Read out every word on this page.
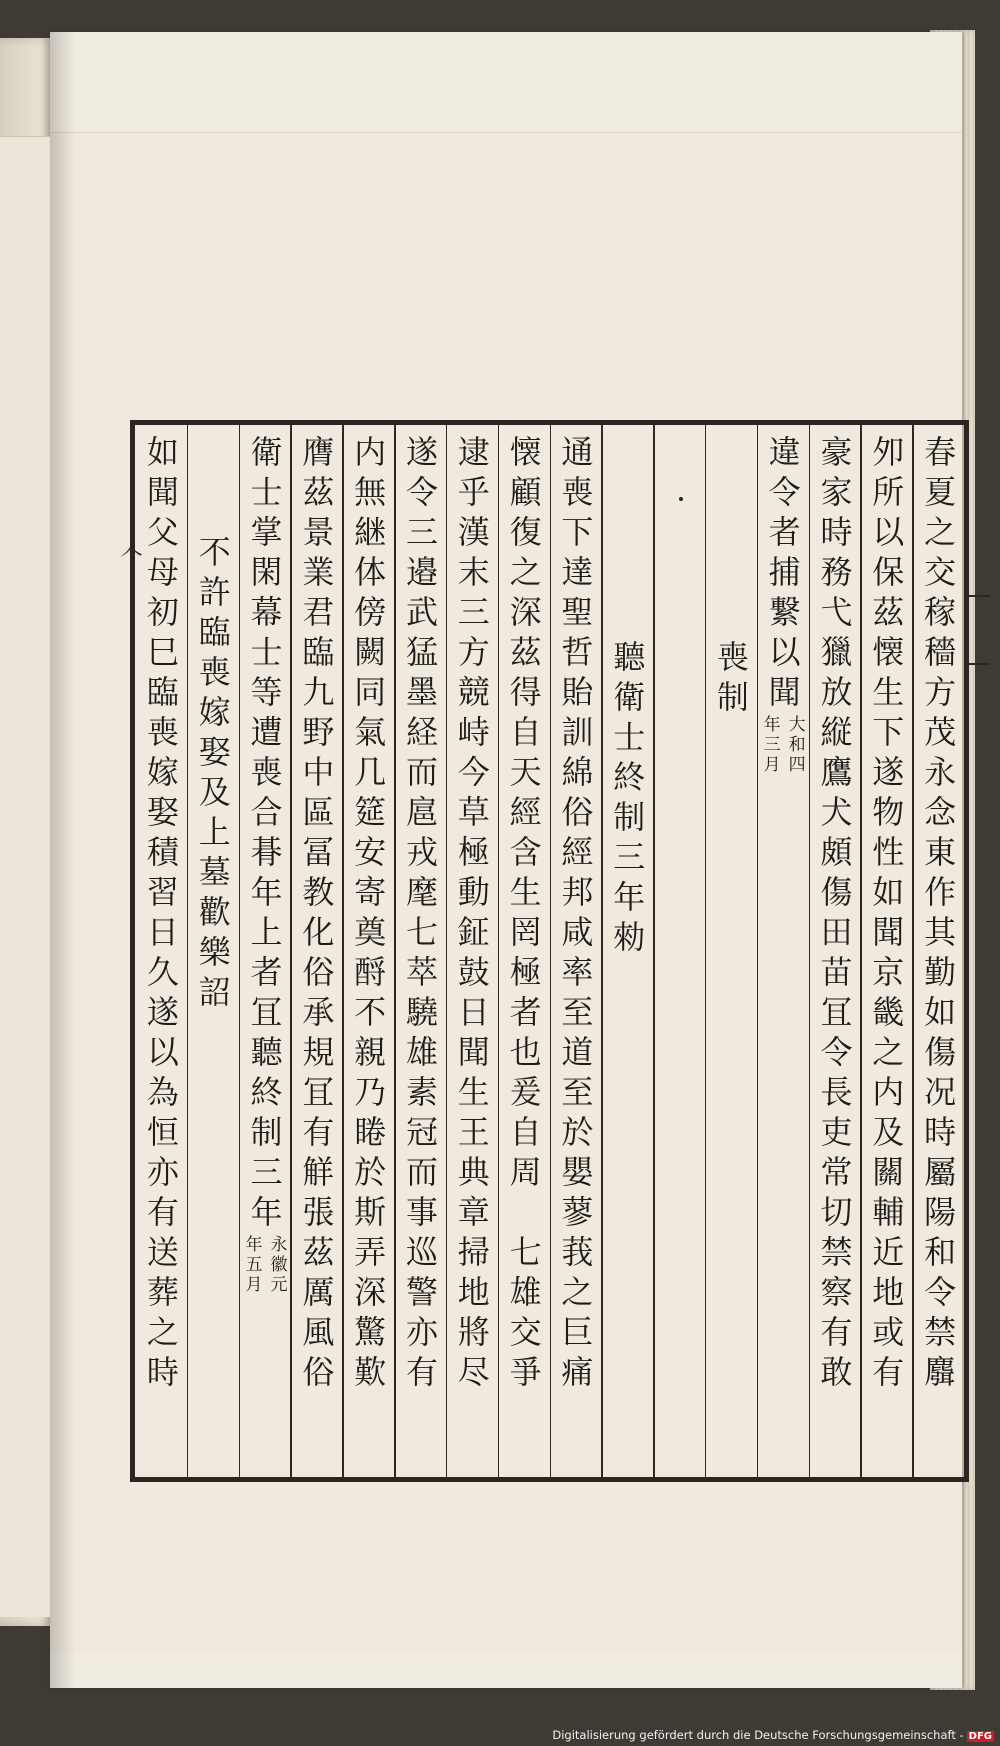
𠆢	春夏之交稼穡方茂永念東作其勤如傷况時屬陽和令禁麛
夘所以保茲懐生下遂物性如聞京畿之内及關輔近地或有
豪家時務弋獵放縦鷹犬頗傷田苗冝令長吏常切禁察有敢
違令者捕繋以聞
大和四
年三月
喪制
聽衛士終制三年勑
通喪下達聖哲貽訓綿俗經邦咸率至道至於嬰蓼莪之巨痛
懐顧復之深茲得自天經含生罔極者也爰自周　七雄交爭
逮乎漢末三方競峙今草極動鉦鼓日聞生王典章掃地將尽
遂令三邉武猛墨経而扈戎麾七萃驍雄素冠而事巡警亦有
内無継体傍闕同氣几筵安寄奠酹不親乃睠於斯弄深驚歎
膺茲景業君臨九野中區冨教化俗承規冝有觧張茲厲風俗
衛士掌閑幕士等遭喪合朞年上者冝聽終制三年
永徽元
年五月
不許臨喪嫁娶及上墓歡樂詔
如聞父母初巳臨喪嫁娶積習日久遂以為恒亦有送葬之時
Digitalisierung gefördert durch die Deutsche Forschungsgemeinschaft - DFG
